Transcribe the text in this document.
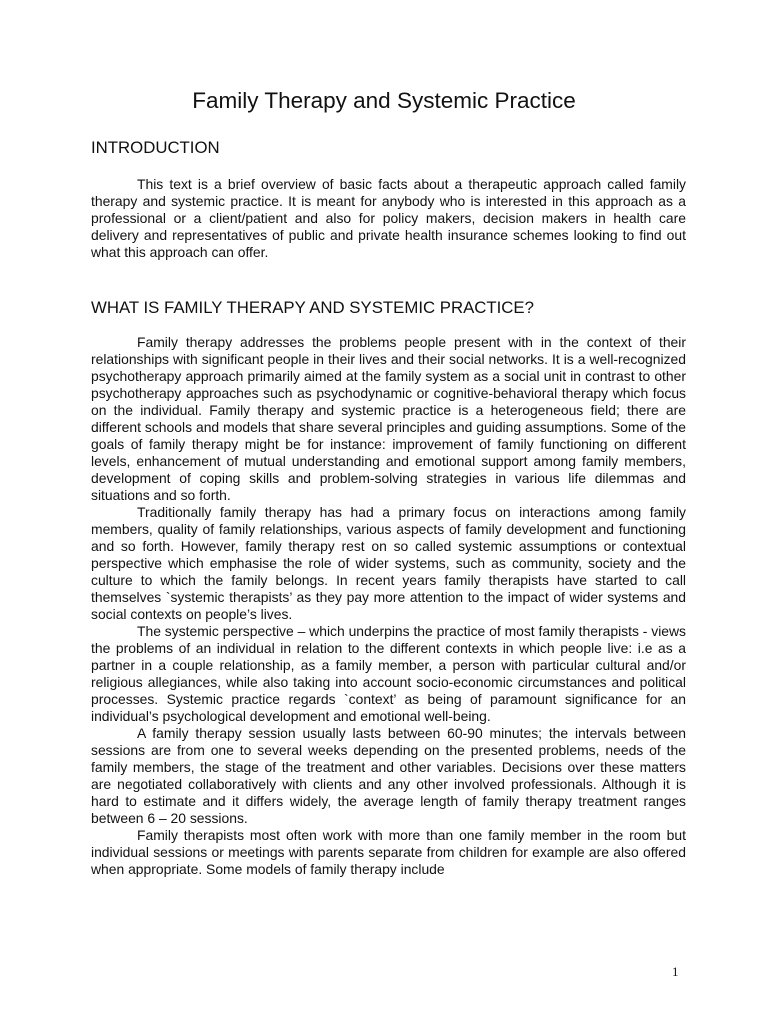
Family Therapy and Systemic Practice
INTRODUCTION

This text is a brief overview of basic facts about a therapeutic approach called family therapy and systemic practice. It is meant for anybody who is interested in this approach as a professional or a client/patient and also for policy makers, decision makers in health care delivery and representatives of public and private health insurance schemes looking to find out what this approach can offer.

WHAT IS FAMILY THERAPY AND SYSTEMIC PRACTICE?

Family therapy addresses the problems people present with in the context of their relationships with significant people in their lives and their social networks. It is a well-recognized psychotherapy approach primarily aimed at the family system as a social unit in contrast to other psychotherapy approaches such as psychodynamic or cognitive-behavioral therapy which focus on the individual. Family therapy and systemic practice is a heterogeneous field; there are different schools and models that share several principles and guiding assumptions. Some of the goals of family therapy might be for instance: improvement of family functioning on different levels, enhancement of mutual understanding and emotional support among family members, development of coping skills and problem-solving strategies in various life dilemmas and situations and so forth.

Traditionally family therapy has had a primary focus on interactions among family members, quality of family relationships, various aspects of family development and functioning and so forth. However, family therapy rest on so called systemic assumptions or contextual perspective which emphasise the role of wider systems, such as community, society and the culture to which the family belongs. In recent years family therapists have started to call themselves `systemic therapists’ as they pay more attention to the impact of wider systems and social contexts on people’s lives.

The systemic perspective – which underpins the practice of most family therapists - views the problems of an individual in relation to the different contexts in which people live: i.e as a partner in a couple relationship, as a family member, a person with particular cultural and/or religious allegiances, while also taking into account socio-economic circumstances and political processes. Systemic practice regards `context’ as being of paramount significance for an individual’s psychological development and emotional well-being.

A family therapy session usually lasts between 60-90 minutes; the intervals between sessions are from one to several weeks depending on the presented problems, needs of the family members, the stage of the treatment and other variables. Decisions over these matters are negotiated collaboratively with clients and any other involved professionals. Although it is hard to estimate and it differs widely, the average length of family therapy treatment ranges between 6 – 20 sessions.

Family therapists most often work with more than one family member in the room but individual sessions or meetings with parents separate from children for example are also offered when appropriate. Some models of family therapy include

1
